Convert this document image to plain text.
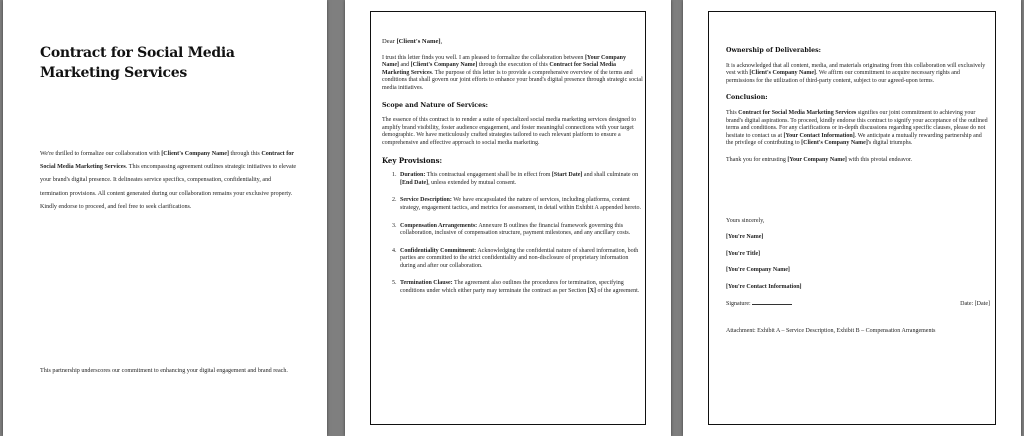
Contract for Social Media Marketing Services
We're thrilled to formalize our collaboration with [Client's Company Name] through this Contract for Social Media Marketing Services. This encompassing agreement outlines strategic initiatives to elevate your brand's digital presence. It delineates service specifics, compensation, confidentiality, and termination provisions. All content generated during our collaboration remains your exclusive property. Kindly endorse to proceed, and feel free to seek clarifications.
This partnership underscores our commitment to enhancing your digital engagement and brand reach.

Dear [Client's Name],

I trust this letter finds you well. I am pleased to formalize the collaboration between [Your Company Name] and [Client's Company Name] through the execution of this Contract for Social Media Marketing Services. The purpose of this letter is to provide a comprehensive overview of the terms and conditions that shall govern our joint efforts to enhance your brand's digital presence through strategic social media initiatives.

Scope and Nature of Services:

The essence of this contract is to render a suite of specialized social media marketing services designed to amplify brand visibility, foster audience engagement, and foster meaningful connections with your target demographic. We have meticulously crafted strategies tailored to each relevant platform to ensure a comprehensive and effective approach to social media marketing.

Key Provisions:
1. Duration: This contractual engagement shall be in effect from [Start Date] and shall culminate on [End Date], unless extended by mutual consent.
2. Service Description: We have encapsulated the nature of services, including platforms, content strategy, engagement tactics, and metrics for assessment, in detail within Exhibit A appended hereto.
3. Compensation Arrangements: Annexure B outlines the financial framework governing this collaboration, inclusive of compensation structure, payment milestones, and any ancillary costs.
4. Confidentiality Commitment: Acknowledging the confidential nature of shared information, both parties are committed to the strict confidentiality and non-disclosure of proprietary information during and after our collaboration.
5. Termination Clause: The agreement also outlines the procedures for termination, specifying conditions under which either party may terminate the contract as per Section [X] of the agreement.
Ownership of Deliverables:

It is acknowledged that all content, media, and materials originating from this collaboration will exclusively vest with [Client's Company Name]. We affirm our commitment to acquire necessary rights and permissions for the utilization of third-party content, subject to our agreed-upon terms.

Conclusion:

This Contract for Social Media Marketing Services signifies our joint commitment to achieving your brand's digital aspirations. To proceed, kindly endorse this contract to signify your acceptance of the outlined terms and conditions. For any clarifications or in-depth discussions regarding specific clauses, please do not hesitate to contact us at [Your Contact Information]. We anticipate a mutually rewarding partnership and the privilege of contributing to [Client's Company Name]'s digital triumphs.

Thank you for entrusting [Your Company Name] with this pivotal endeavor.

Yours sincerely,

[You're Name]

[You're Title]

[You're Company Name]

[You're Contact Information]

Signature:	Date: [Date]

Attachment: Exhibit A – Service Description, Exhibit B – Compensation Arrangements
